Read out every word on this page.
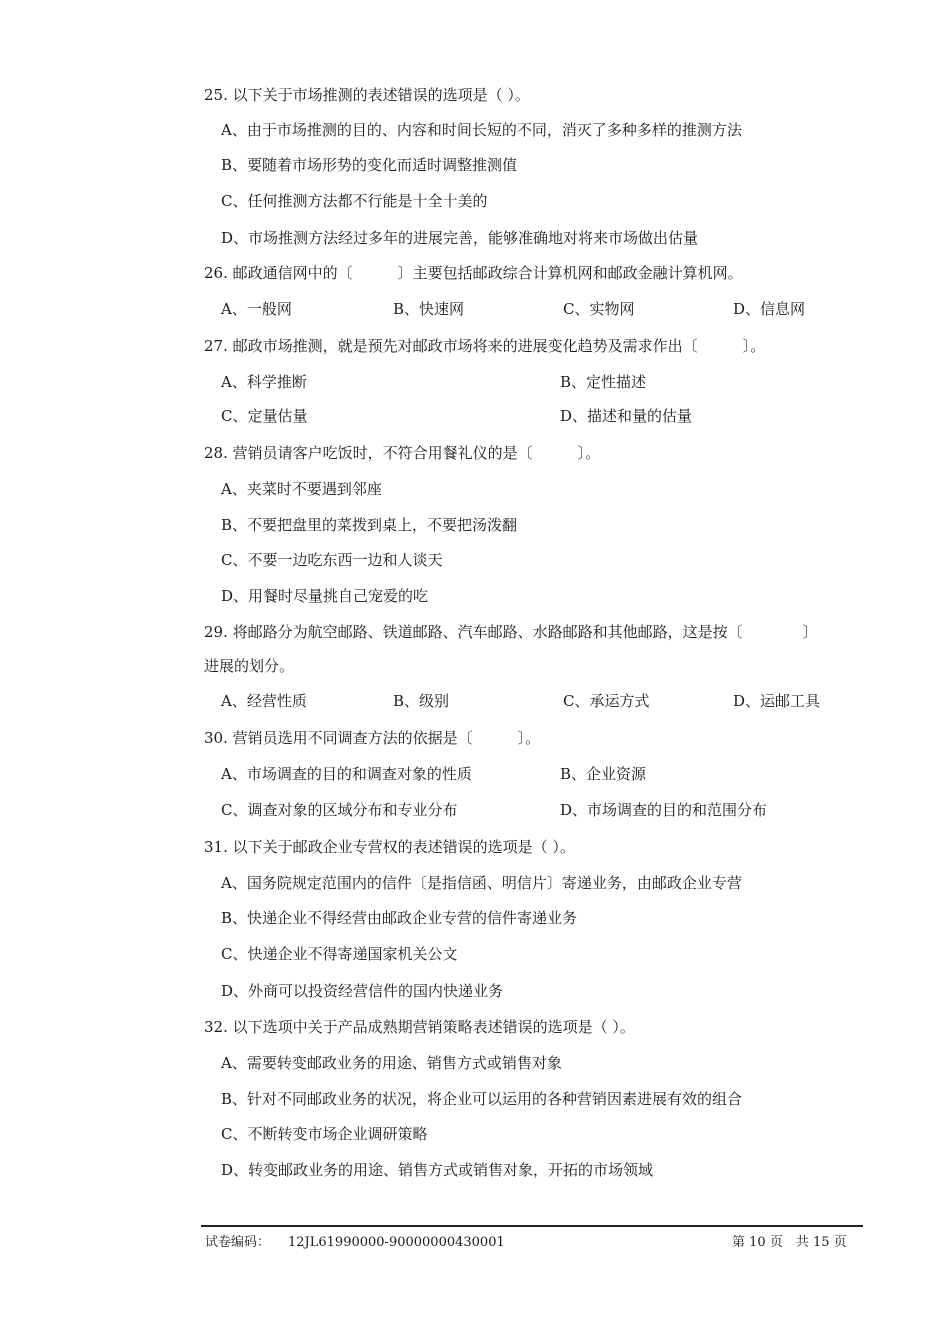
25. 以下关于市场推测的表述错误的选项是（ ）。
A、由于市场推测的目的、内容和时间长短的不同，消灭了多种多样的推测方法
B、要随着市场形势的变化而适时调整推测值
C、任何推测方法都不行能是十全十美的
D、市场推测方法经过多年的进展完善，能够准确地对将来市场做出估量
26. 邮政通信网中的〔　　　〕主要包括邮政综合计算机网和邮政金融计算机网。
A、一般网	B、快速网	C、实物网	D、信息网
27. 邮政市场推测，就是预先对邮政市场将来的进展变化趋势及需求作出〔　　　〕。
A、科学推断	B、定性描述
C、定量估量	D、描述和量的估量
28. 营销员请客户吃饭时，不符合用餐礼仪的是〔　　　〕。
A、夹菜时不要遇到邻座
B、不要把盘里的菜拨到桌上，不要把汤泼翻
C、不要一边吃东西一边和人谈天
D、用餐时尽量挑自己宠爱的吃
29. 将邮路分为航空邮路、铁道邮路、汽车邮路、水路邮路和其他邮路，这是按〔　　　　〕
进展的划分。
A、经营性质	B、级别	C、承运方式	D、运邮工具
30. 营销员选用不同调查方法的依据是〔　　　〕。
A、市场调查的目的和调查对象的性质	B、企业资源
C、调查对象的区域分布和专业分布	D、市场调查的目的和范围分布
31. 以下关于邮政企业专营权的表述错误的选项是（ ）。
A、国务院规定范围内的信件〔是指信函、明信片〕寄递业务，由邮政企业专营
B、快递企业不得经营由邮政企业专营的信件寄递业务
C、快递企业不得寄递国家机关公文
D、外商可以投资经营信件的国内快递业务
32. 以下选项中关于产品成熟期营销策略表述错误的选项是（ ）。
A、需要转变邮政业务的用途、销售方式或销售对象
B、针对不同邮政业务的状况，将企业可以运用的各种营销因素进展有效的组合
C、不断转变市场企业调研策略
D、转变邮政业务的用途、销售方式或销售对象，开拓的市场领域
试卷编码： 12JL61990000-90000000430001	第 10 页　共 15 页
